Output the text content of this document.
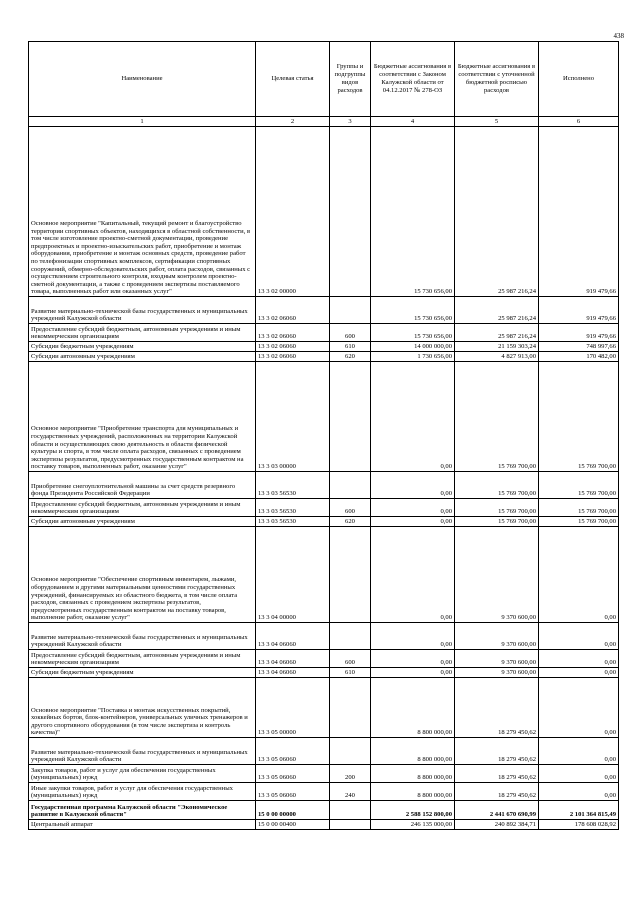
438
Наименование	Целевая статья	Группы и подгруппы видов расходов	Бюджетные ассигнования в соответствии с Законом Калужской области от 04.12.2017 № 278-ОЗ	Бюджетные ассигнования в соответствии с уточненной бюджетной росписью расходов	Исполнено
1	2	3	4	5	6
Основное мероприятие "Капитальный, текущий ремонт и благоустройство территории спортивных объектов, находящихся в областной собственности, в том числе изготовление проектно-сметной документации, проведение предпроектных и проектно-изыскательских работ, приобретение и монтаж оборудования, приобретение и монтаж основных средств, проведение работ по телефонизации спортивных комплексов, сертификации спортивных сооружений, обмерно-обследовательских работ, оплата расходов, связанных с осуществлением строительного контроля, входным контролем проектно-сметной документации, а также с проведением экспертизы поставляемого товара, выполненных работ или оказанных услуг"	13 3 02 00000		15 730 656,00	25 987 216,24	919 479,66
Развитие материально-технической базы государственных и муниципальных учреждений Калужской области	13 3 02 06060		15 730 656,00	25 987 216,24	919 479,66
Предоставление субсидий бюджетным, автономным учреждениям и иным некоммерческим организациям	13 3 02 06060	600	15 730 656,00	25 987 216,24	919 479,66
Субсидии бюджетным учреждениям	13 3 02 06060	610	14 000 000,00	21 159 303,24	748 997,66
Субсидии автономным учреждениям	13 3 02 06060	620	1 730 656,00	4 827 913,00	170 482,00
Основное мероприятие "Приобретение транспорта для муниципальных и государственных учреждений, расположенных на территории Калужской области и осуществляющих свою деятельность в области физической культуры и спорта, в том числе оплата расходов, связанных с проведением экспертизы результатов, предусмотренных государственным контрактом на поставку товаров, выполненных работ, оказание услуг"	13 3 03 00000		0,00	15 769 700,00	15 769 700,00
Приобретение снегоуплотнительной машины за счет средств резервного фонда Президента Российской Федерации	13 3 03 56530		0,00	15 769 700,00	15 769 700,00
Предоставление субсидий бюджетным, автономным учреждениям и иным некоммерческим организациям	13 3 03 56530	600	0,00	15 769 700,00	15 769 700,00
Субсидии автономным учреждениям	13 3 03 56530	620	0,00	15 769 700,00	15 769 700,00
Основное мероприятие "Обеспечение спортивным инвентарем, лыжами, оборудованием и другими материальными ценностями государственных учреждений, финансируемых из областного бюджета, в том числе оплата расходов, связанных с проведением экспертизы результатов, предусмотренных государственным контрактом на поставку товаров, выполнение работ, оказание услуг"	13 3 04 00000		0,00	9 370 600,00	0,00
Развитие материально-технической базы государственных и муниципальных учреждений Калужской области	13 3 04 06060		0,00	9 370 600,00	0,00
Предоставление субсидий бюджетным, автономным учреждениям и иным некоммерческим организациям	13 3 04 06060	600	0,00	9 370 600,00	0,00
Субсидии бюджетным учреждениям	13 3 04 06060	610	0,00	9 370 600,00	0,00
Основное мероприятие "Поставка и монтаж искусственных покрытий, хоккейных бортов, блок-контейнеров, универсальных уличных тренажеров и другого спортивного оборудования (в том числе экспертиза и контроль качества)"	13 3 05 00000		8 800 000,00	18 279 450,62	0,00
Развитие материально-технической базы государственных и муниципальных учреждений Калужской области	13 3 05 06060		8 800 000,00	18 279 450,62	0,00
Закупка товаров, работ и услуг для обеспечения государственных (муниципальных) нужд	13 3 05 06060	200	8 800 000,00	18 279 450,62	0,00
Иные закупки товаров, работ и услуг для обеспечения государственных (муниципальных) нужд	13 3 05 06060	240	8 800 000,00	18 279 450,62	0,00
Государственная программа Калужской области "Экономическое развитие в Калужской области"	15 0 00 00000		2 588 152 800,00	2 441 670 690,99	2 101 364 815,49
Центральный аппарат	15 0 00 00400		246 135 000,00	240 892 384,71	178 608 028,92
